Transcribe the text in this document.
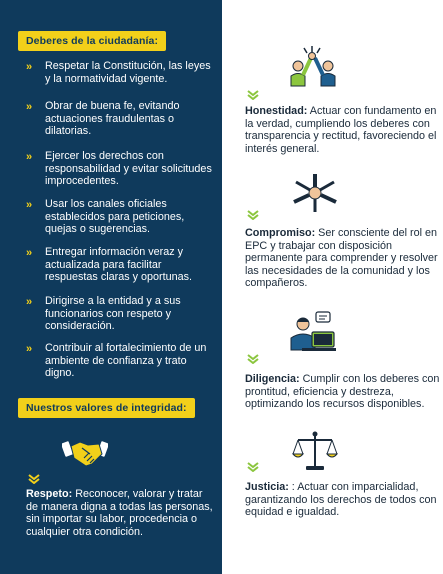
Deberes de la ciudadanía:
»	Respetar la Constitución, las leyes y la normatividad vigente.
»	Obrar de buena fe, evitando actuaciones fraudulentas o dilatorias.
»	Ejercer los derechos con responsabilidad y evitar solicitudes improcedentes.
»	Usar los canales oficiales establecidos para peticiones, quejas o sugerencias.
»	Entregar información veraz y actualizada para facilitar respuestas claras y oportunas.
»	Dirigirse a la entidad y a sus funcionarios con respeto y consideración.
»	Contribuir al fortalecimiento de un ambiente de confianza y trato digno.
Nuestros valores de integridad:
Respeto: Reconocer, valorar y tratar de manera digna a todas las personas, sin importar su labor, procedencia o cualquier otra condición.
Honestidad: Actuar con fundamento en la verdad, cumpliendo los deberes con transparencia y rectitud, favoreciendo el interés general.
Compromiso: Ser consciente del rol en EPC y trabajar con disposición permanente para comprender y resolver las necesidades de la comunidad y los compañeros.
Diligencia: Cumplir con los deberes con prontitud, eficiencia y destreza, optimizando los recursos disponibles.
Justicia: : Actuar con imparcialidad, garantizando los derechos de todos con equidad e igualdad.
